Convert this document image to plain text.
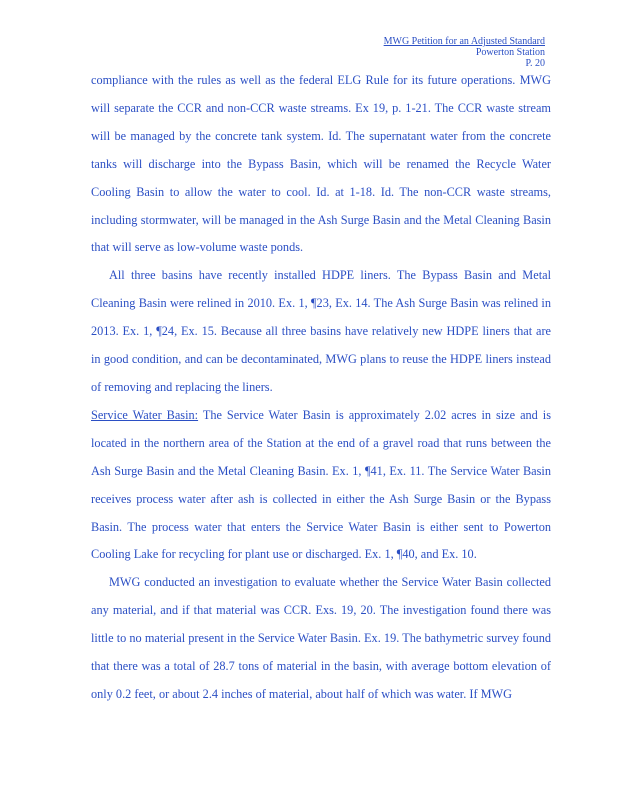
MWG Petition for an Adjusted Standard
Powerton Station
P. 20

compliance with the rules as well as the federal ELG Rule for its future operations. MWG will separate the CCR and non-CCR waste streams. Ex 19, p. 1-21. The CCR waste stream will be managed by the concrete tank system. Id. The supernatant water from the concrete tanks will discharge into the Bypass Basin, which will be renamed the Recycle Water Cooling Basin to allow the water to cool. Id. at 1-18. Id. The non-CCR waste streams, including stormwater, will be managed in the Ash Surge Basin and the Metal Cleaning Basin that will serve as low-volume waste ponds.

All three basins have recently installed HDPE liners. The Bypass Basin and Metal Cleaning Basin were relined in 2010. Ex. 1, ¶23, Ex. 14. The Ash Surge Basin was relined in 2013. Ex. 1, ¶24, Ex. 15. Because all three basins have relatively new HDPE liners that are in good condition, and can be decontaminated, MWG plans to reuse the HDPE liners instead of removing and replacing the liners.

Service Water Basin: The Service Water Basin is approximately 2.02 acres in size and is located in the northern area of the Station at the end of a gravel road that runs between the Ash Surge Basin and the Metal Cleaning Basin. Ex. 1, ¶41, Ex. 11. The Service Water Basin receives process water after ash is collected in either the Ash Surge Basin or the Bypass Basin. The process water that enters the Service Water Basin is either sent to Powerton Cooling Lake for recycling for plant use or discharged. Ex. 1, ¶40, and Ex. 10.

MWG conducted an investigation to evaluate whether the Service Water Basin collected any material, and if that material was CCR. Exs. 19, 20. The investigation found there was little to no material present in the Service Water Basin. Ex. 19. The bathymetric survey found that there was a total of 28.7 tons of material in the basin, with average bottom elevation of only 0.2 feet, or about 2.4 inches of material, about half of which was water. If MWG
